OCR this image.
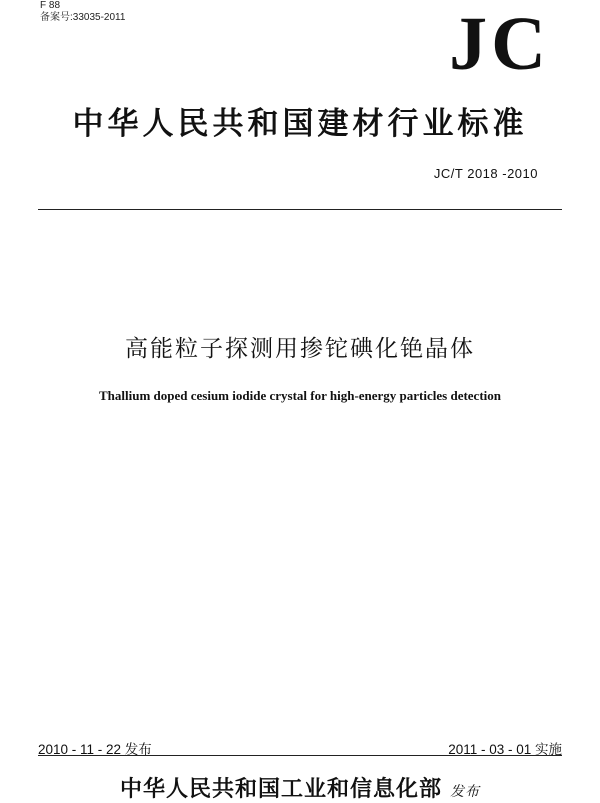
F 88
备案号:33035-2011	JC
中华人民共和国建材行业标准
JC/T 2018 -2010
高能粒子探测用掺铊碘化铯晶体
Thallium doped cesium iodide crystal for high-energy particles detection
2010 - 11 - 22 发布	2011 - 03 - 01 实施
中华人民共和国工业和信息化部 发布
